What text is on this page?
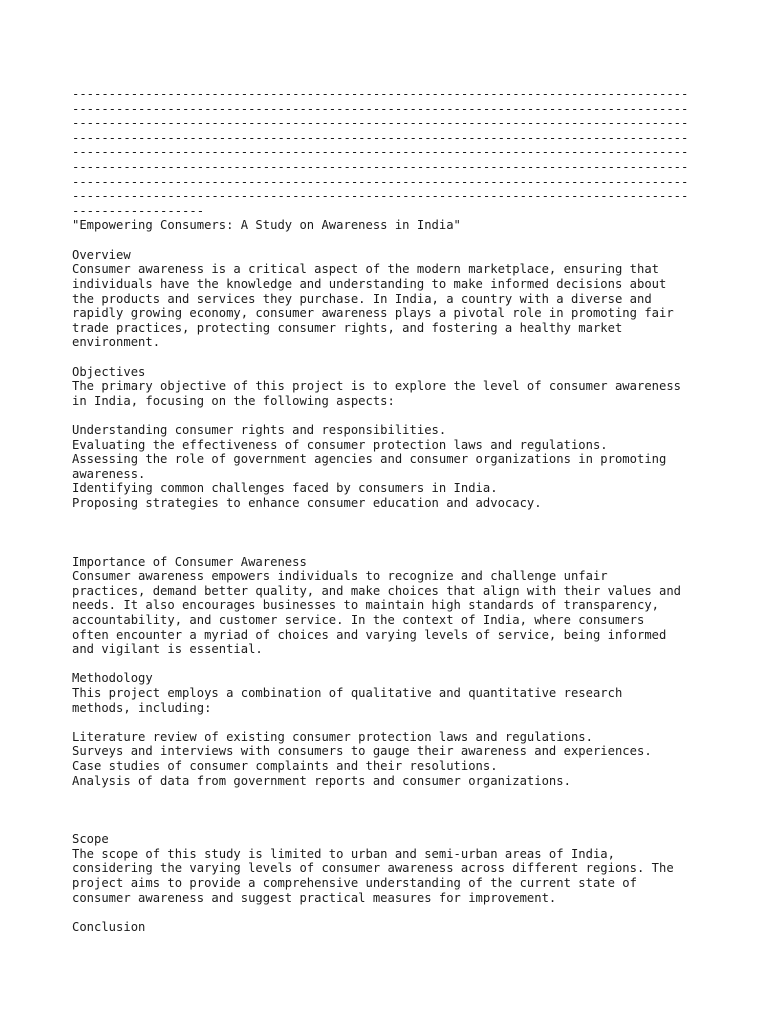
------------------------------------------------------------------------------------
------------------------------------------------------------------------------------
------------------------------------------------------------------------------------
------------------------------------------------------------------------------------
------------------------------------------------------------------------------------
------------------------------------------------------------------------------------
------------------------------------------------------------------------------------
------------------------------------------------------------------------------------
------------------
"Empowering Consumers: A Study on Awareness in India"
Overview
Consumer awareness is a critical aspect of the modern marketplace, ensuring that
individuals have the knowledge and understanding to make informed decisions about
the products and services they purchase. In India, a country with a diverse and
rapidly growing economy, consumer awareness plays a pivotal role in promoting fair
trade practices, protecting consumer rights, and fostering a healthy market
environment.
Objectives
The primary objective of this project is to explore the level of consumer awareness
in India, focusing on the following aspects:
Understanding consumer rights and responsibilities.
Evaluating the effectiveness of consumer protection laws and regulations.
Assessing the role of government agencies and consumer organizations in promoting
awareness.
Identifying common challenges faced by consumers in India.
Proposing strategies to enhance consumer education and advocacy.
Importance of Consumer Awareness
Consumer awareness empowers individuals to recognize and challenge unfair
practices, demand better quality, and make choices that align with their values and
needs. It also encourages businesses to maintain high standards of transparency,
accountability, and customer service. In the context of India, where consumers
often encounter a myriad of choices and varying levels of service, being informed
and vigilant is essential.
Methodology
This project employs a combination of qualitative and quantitative research
methods, including:
Literature review of existing consumer protection laws and regulations.
Surveys and interviews with consumers to gauge their awareness and experiences.
Case studies of consumer complaints and their resolutions.
Analysis of data from government reports and consumer organizations.
Scope
The scope of this study is limited to urban and semi-urban areas of India,
considering the varying levels of consumer awareness across different regions. The
project aims to provide a comprehensive understanding of the current state of
consumer awareness and suggest practical measures for improvement.
Conclusion
